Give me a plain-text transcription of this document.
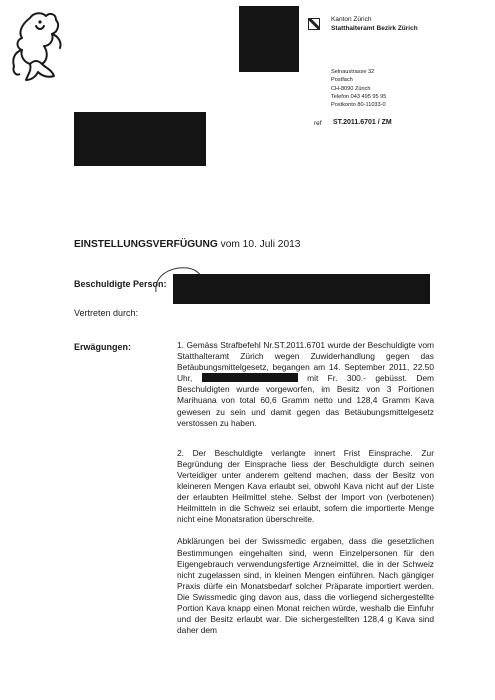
Kanton Zürich
Statthalteramt Bezirk Zürich
Selnaustrasse 32
Postfach
CH-8090 Zürich
Telefon 043 495 95 95
Postkonto 80-11033-0
ref ST.2011.6701 / ZM
EINSTELLUNGSVERFÜGUNG vom 10. Juli 2013
Beschuldigte Person:
Vertreten durch:
Erwägungen:	1. Gemäss Strafbefehl Nr.ST.2011.6701 wurde der Beschuldigte vom Statthalteramt Zürich wegen Zuwiderhandlung gegen das Betäubungsmittelgesetz, begangen am 14. September 2011, 22.50 Uhr,	mit Fr. 300.- gebüsst. Dem Beschuldigten wurde vorgeworfen, im Besitz von 3 Portionen Marihuana von total 60,6 Gramm netto und 128,4 Gramm Kava gewesen zu sein und damit gegen das Betäubungsmittelgesetz verstossen zu haben.

2. Der Beschuldigte verlangte innert Frist Einsprache. Zur Begründung der Einsprache liess der Beschuldigte durch seinen Verteidiger unter anderem geltend machen, dass der Besitz von kleineren Mengen Kava erlaubt sei, obwohl Kava nicht auf der Liste der erlaubten Heilmittel stehe. Selbst der Import von (verbotenen) Heilmitteln in die Schweiz sei erlaubt, sofern die importierte Menge nicht eine Monatsration überschreite.

Abklärungen bei der Swissmedic ergaben, dass die gesetzlichen Bestimmungen eingehalten sind, wenn Einzelpersonen für den Eigengebrauch verwendungsfertige Arzneimittel, die in der Schweiz nicht zugelassen sind, in kleinen Mengen einführen. Nach gängiger Praxis dürfe ein Monatsbedarf solcher Präparate importiert werden. Die Swissmedic ging davon aus, dass die vorliegend sichergestellte Portion Kava knapp einen Monat reichen würde, weshalb die Einfuhr und der Besitz erlaubt war. Die sichergestellten 128,4 g Kava sind daher dem
